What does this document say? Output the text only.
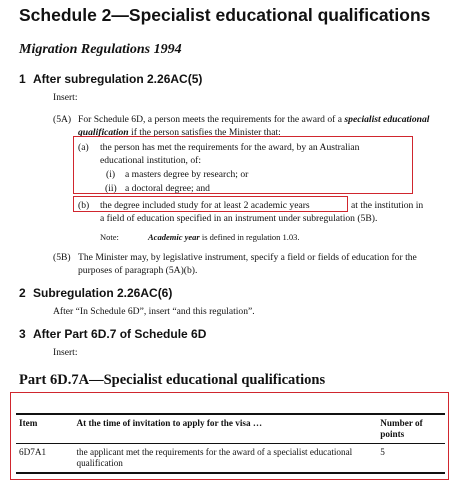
Schedule 2—Specialist educational qualifications
Migration Regulations 1994
1 After subregulation 2.26AC(5)
Insert:
(5A) For Schedule 6D, a person meets the requirements for the award of a specialist educational qualification if the person satisfies the Minister that:
(a) the person has met the requirements for the award, by an Australian educational institution, of:
(i) a masters degree by research; or
(ii) a doctoral degree; and
(b) the degree included study for at least 2 academic years	at the institution in
a field of education specified in an instrument under subregulation (5B).
Note:	Academic year is defined in regulation 1.03.
(5B) The Minister may, by legislative instrument, specify a field or fields of education for the purposes of paragraph (5A)(b).
2 Subregulation 2.26AC(6)
After “In Schedule 6D”, insert “and this regulation”.
3 After Part 6D.7 of Schedule 6D
Insert:
Part 6D.7A—Specialist educational qualifications
Item	At the time of invitation to apply for the visa …	Number of points
6D7A1	the applicant met the requirements for the award of a specialist educational qualification	5
